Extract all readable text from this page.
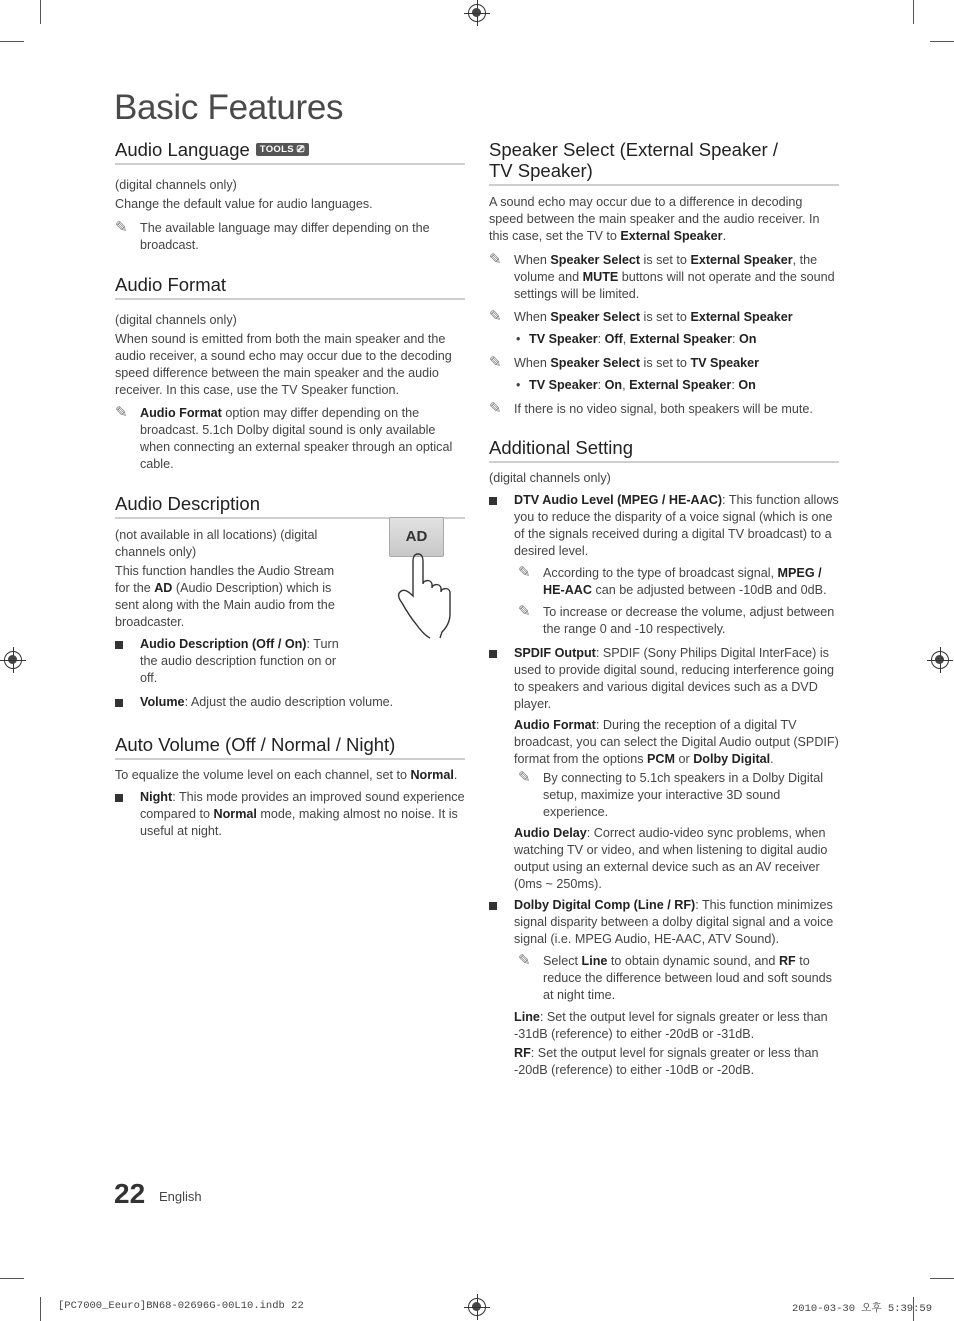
Basic Features
Audio Language TOOLS ⎚

(digital channels only)

Change the default value for audio languages.

✎ The available language may differ depending on the broadcast.
Audio Format

(digital channels only)

When sound is emitted from both the main speaker and the audio receiver, a sound echo may occur due to the decoding speed difference between the main speaker and the audio receiver. In this case, use the TV Speaker function.

✎ Audio Format option may differ depending on the broadcast. 5.1ch Dolby digital sound is only available when connecting an external speaker through an optical cable.
Audio Description

(not available in all locations) (digital channels only)

This function handles the Audio Stream for the AD (Audio Description) which is sent along with the Main audio from the broadcaster.

Audio Description (Off / On): Turn the audio description function on or off.
Volume: Adjust the audio description volume.
Auto Volume (Off / Normal / Night)

To equalize the volume level on each channel, set to Normal.

Night: This mode provides an improved sound experience compared to Normal mode, making almost no noise. It is useful at night.
AD
Speaker Select (External Speaker /
TV Speaker)

A sound echo may occur due to a difference in decoding speed between the main speaker and the audio receiver. In this case, set the TV to External Speaker.

✎ When Speaker Select is set to External Speaker, the volume and MUTE buttons will not operate and the sound settings will be limited.
✎ When Speaker Select is set to External Speaker
• TV Speaker: Off, External Speaker: On
✎ When Speaker Select is set to TV Speaker
• TV Speaker: On, External Speaker: On
✎ If there is no video signal, both speakers will be mute.
Additional Setting

(digital channels only)

DTV Audio Level (MPEG / HE-AAC): This function allows you to reduce the disparity of a voice signal (which is one of the signals received during a digital TV broadcast) to a desired level.
✎ According to the type of broadcast signal, MPEG / HE-AAC can be adjusted between -10dB and 0dB.
✎ To increase or decrease the volume, adjust between the range 0 and -10 respectively.
SPDIF Output: SPDIF (Sony Philips Digital InterFace) is used to provide digital sound, reducing interference going to speakers and various digital devices such as a DVD player.

Audio Format: During the reception of a digital TV broadcast, you can select the Digital Audio output (SPDIF) format from the options PCM or Dolby Digital.

✎ By connecting to 5.1ch speakers in a Dolby Digital setup, maximize your interactive 3D sound experience.

Audio Delay: Correct audio-video sync problems, when watching TV or video, and when listening to digital audio output using an external device such as an AV receiver (0ms ~ 250ms).

Dolby Digital Comp (Line / RF): This function minimizes signal disparity between a dolby digital signal and a voice signal (i.e. MPEG Audio, HE-AAC, ATV Sound).
✎ Select Line to obtain dynamic sound, and RF to reduce the difference between loud and soft sounds at night time.

Line: Set the output level for signals greater or less than -31dB (reference) to either -20dB or -31dB.

RF: Set the output level for signals greater or less than -20dB (reference) to either -10dB or -20dB.

22 English
[PC7000_Eeuro]BN68-02696G-00L10.indb 22	2010-03-30 오후 5:39:59
